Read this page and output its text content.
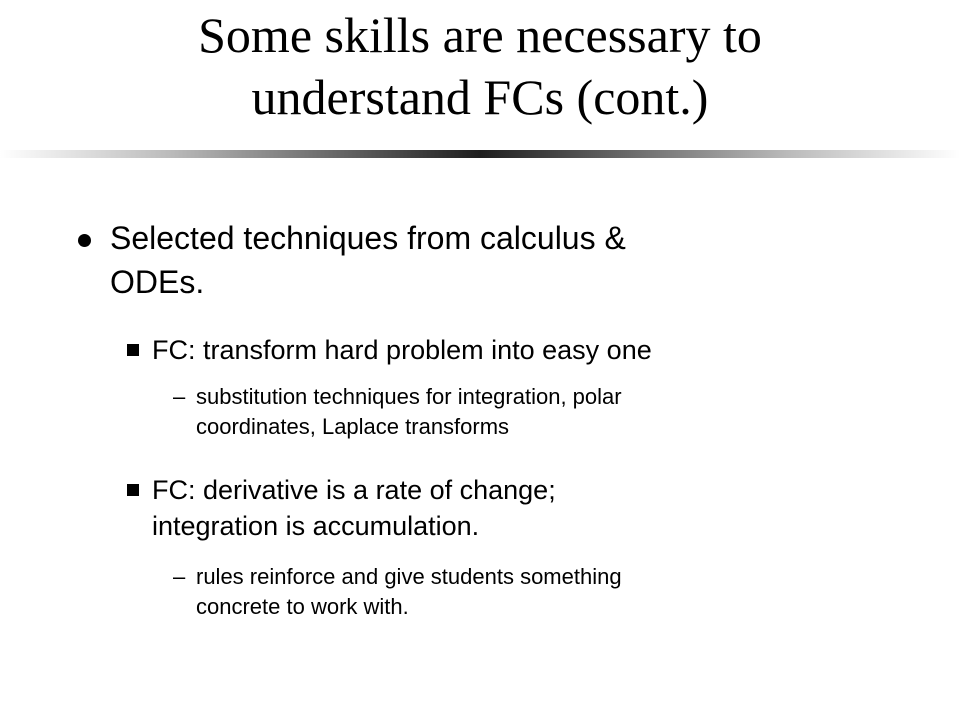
Some skills are necessary to
understand FCs (cont.)
Selected techniques from calculus &
ODEs.
FC: transform hard problem into easy one
– substitution techniques for integration, polar
coordinates, Laplace transforms
FC: derivative is a rate of change;
integration is accumulation.
– rules reinforce and give students something
concrete to work with.
